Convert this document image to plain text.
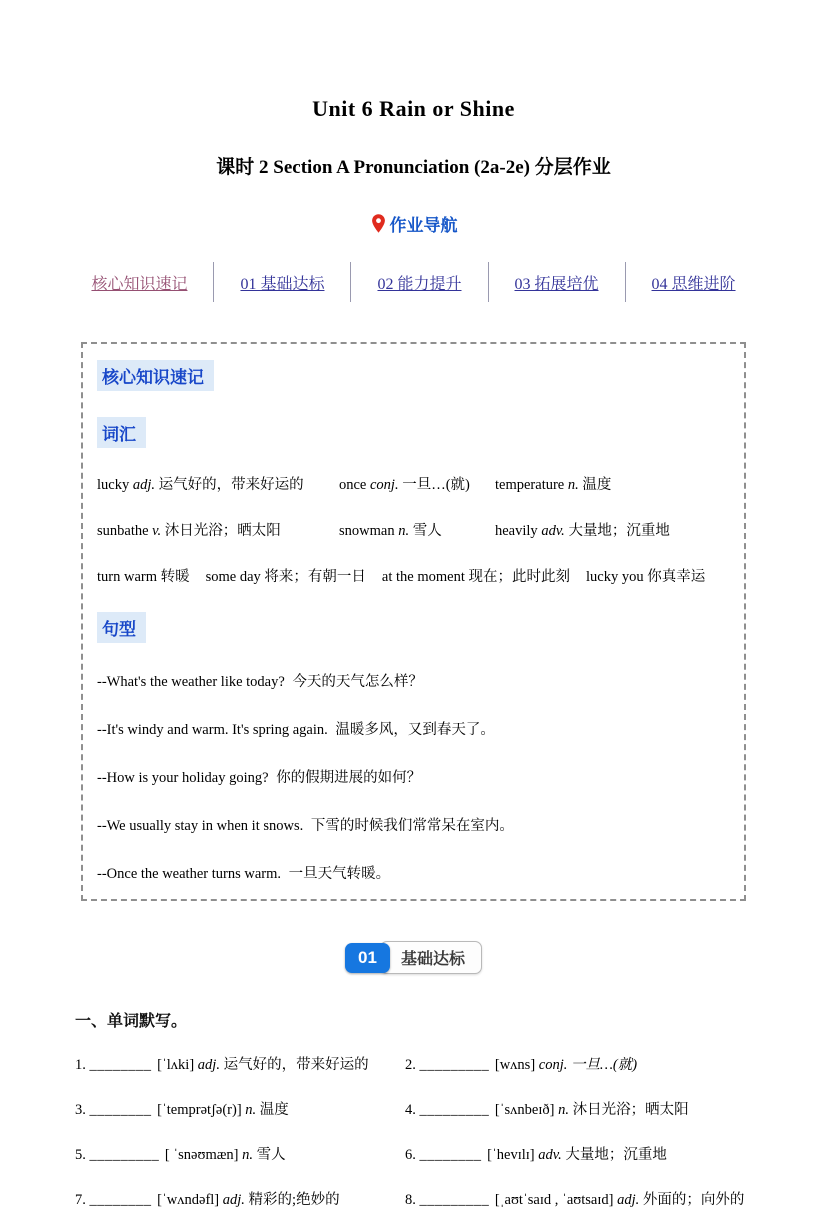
Unit 6 Rain or Shine
课时 2 Section A Pronunciation (2a-2e) 分层作业
作业导航
核心知识速记	01 基础达标	02 能力提升	03 拓展培优	04 思维进阶
核心知识速记
词汇
lucky adj. 运气好的，带来好运的	once conj. 一旦…(就)	temperature n. 温度
sunbathe v. 沐日光浴；晒太阳	snowman n. 雪人	heavily adv. 大量地；沉重地
turn warm 转暖 some day 将来；有朝一日 at the moment 现在；此时此刻 lucky you 你真幸运
句型
--What's the weather like today? 今天的天气怎么样？
--It's windy and warm. It's spring again. 温暖多风，又到春天了。
--How is your holiday going? 你的假期进展的如何？
--We usually stay in when it snows. 下雪的时候我们常常呆在室内。
--Once the weather turns warm. 一旦天气转暖。
01	基础达标
一、单词默写。
1. ________ [ˈlʌki] adj. 运气好的，带来好运的	2. _________ [wʌns] conj. 一旦…(就)
3. ________ [ˈtemprətʃə(r)] n. 温度	4. _________ [ˈsʌnbeɪð] n. 沐日光浴；晒太阳
5. _________ [ ˈsnəʊmæn] n. 雪人	6. ________ [ˈhevɪlɪ] adv. 大量地；沉重地
7. ________ [ˈwʌndəfl] adj. 精彩的;绝妙的	8. _________ [ˌaʊtˈsaɪd , ˈaʊtsaɪd] adj. 外面的；向外的
